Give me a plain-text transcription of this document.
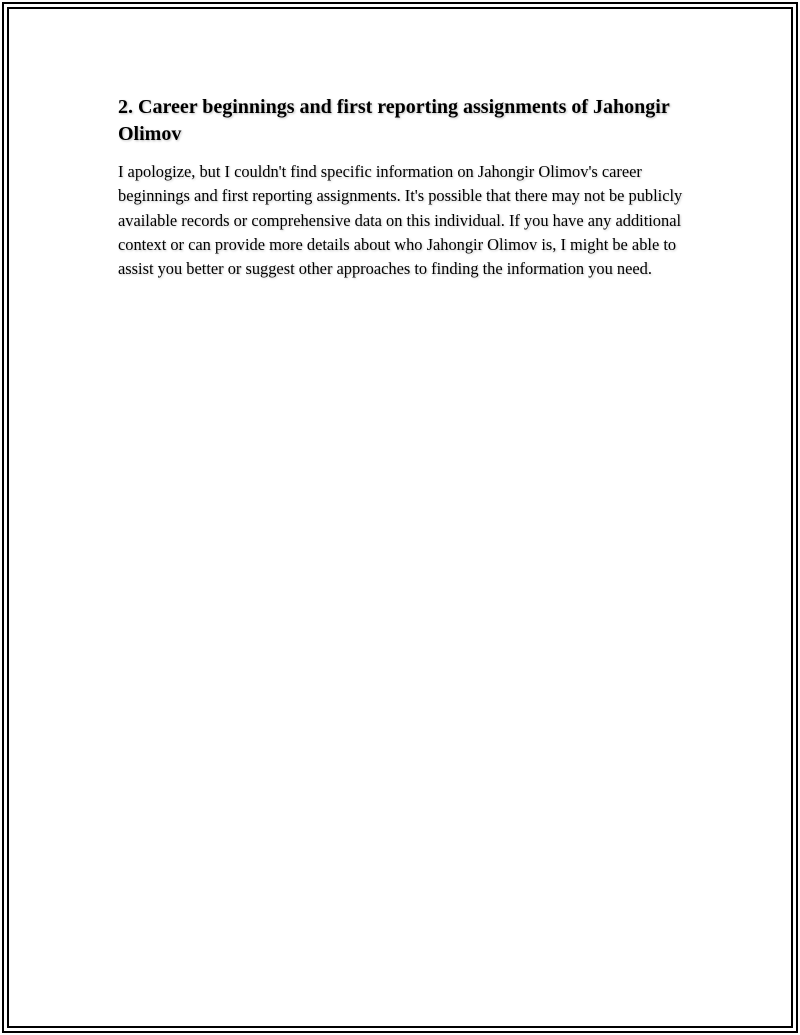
2. Career beginnings and first reporting assignments of Jahongir Olimov

I apologize, but I couldn't find specific information on Jahongir Olimov's career beginnings and first reporting assignments. It's possible that there may not be publicly available records or comprehensive data on this individual. If you have any additional context or can provide more details about who Jahongir Olimov is, I might be able to assist you better or suggest other approaches to finding the information you need.
